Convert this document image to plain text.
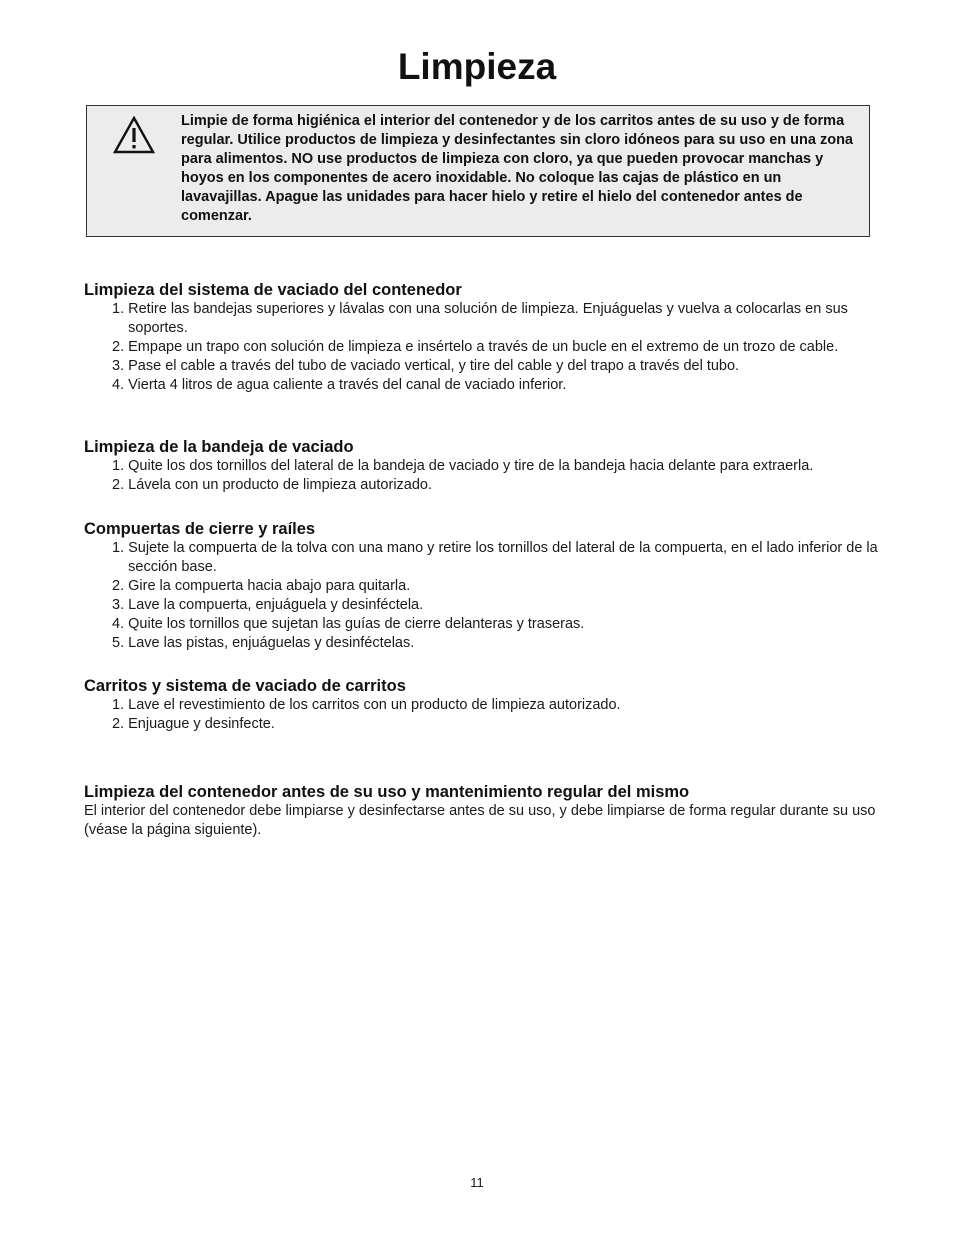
Limpieza
Limpie de forma higiénica el interior del contenedor y de los carritos antes de su uso y de forma regular. Utilice productos de limpieza y desinfectantes sin cloro idóneos para su uso en una zona para alimentos. NO use productos de limpieza con cloro, ya que pueden provocar manchas y hoyos en los componentes de acero inoxidable. No coloque las cajas de plástico en un lavavajillas. Apague las unidades para hacer hielo y retire el hielo del contenedor antes de comenzar.
Limpieza del sistema de vaciado del contenedor
1. Retire las bandejas superiores y lávalas con una solución de limpieza. Enjuáguelas y vuelva a colocarlas en sus soportes.
2. Empape un trapo con solución de limpieza e insértelo a través de un bucle en el extremo de un trozo de cable.
3. Pase el cable a través del tubo de vaciado vertical, y tire del cable y del trapo a través del tubo.
4. Vierta 4 litros de agua caliente a través del canal de vaciado inferior.
Limpieza de la bandeja de vaciado
1. Quite los dos tornillos del lateral de la bandeja de vaciado y tire de la bandeja hacia delante para extraerla.
2. Lávela con un producto de limpieza autorizado.
Compuertas de cierre y raíles
1. Sujete la compuerta de la tolva con una mano y retire los tornillos del lateral de la compuerta, en el lado inferior de la sección base.
2. Gire la compuerta hacia abajo para quitarla.
3. Lave la compuerta, enjuáguela y desinféctela.
4. Quite los tornillos que sujetan las guías de cierre delanteras y traseras.
5. Lave las pistas, enjuáguelas y desinféctelas.
Carritos y sistema de vaciado de carritos
1. Lave el revestimiento de los carritos con un producto de limpieza autorizado.
2. Enjuague y desinfecte.
Limpieza del contenedor antes de su uso y mantenimiento regular del mismo

El interior del contenedor debe limpiarse y desinfectarse antes de su uso, y debe limpiarse de forma regular durante su uso (véase la página siguiente).

11
